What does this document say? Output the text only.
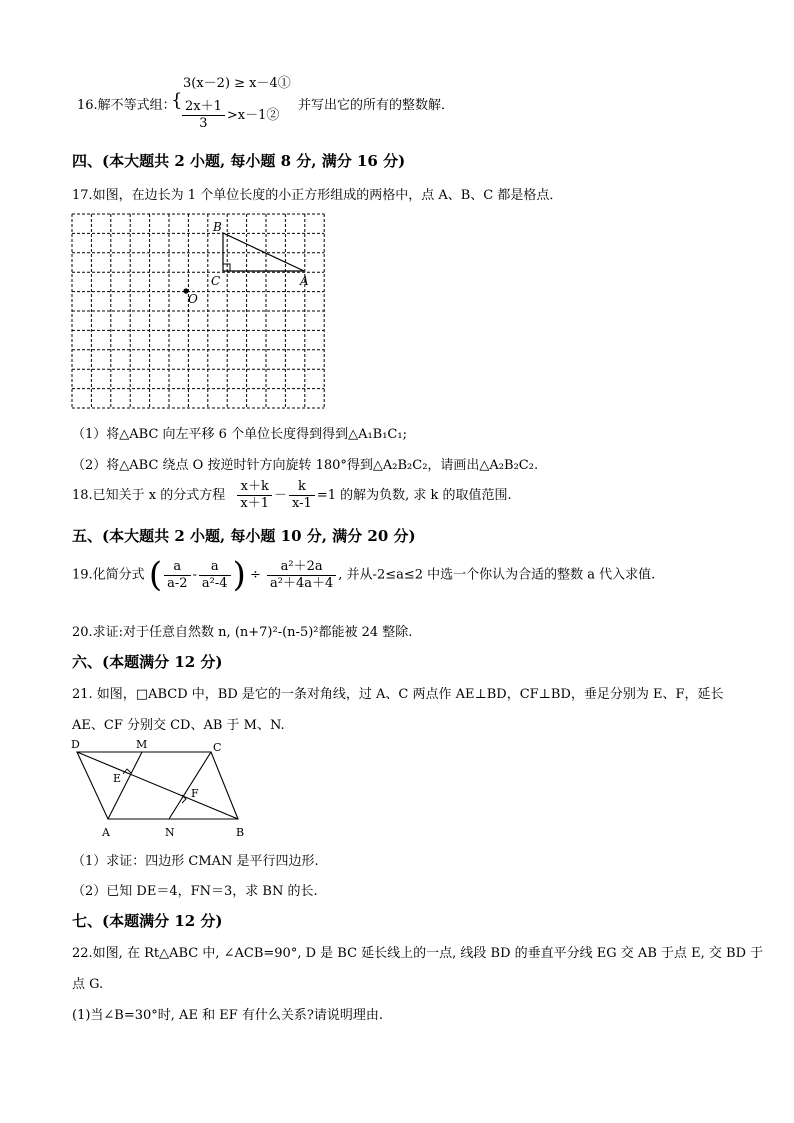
3(x－2) ≥ x－4①
16.解不等式组：
{ $\frac{2x+1}{3}$ >x－1②
并写出它的所有的整数解．
四、(本大题共 2 小题, 每小题 8 分, 满分 16 分)
17.如图，在边长为 1 个单位长度的小正方形组成的两格中，点 A、B、C 都是格点．
B
C	A
O
（1）将△ABC 向左平移 6 个单位长度得到得到△A₁B₁C₁;
（2）将△ABC 绕点 O 按逆时针方向旋转 180°得到△A₂B₂C₂，请画出△A₂B₂C₂.
18.已知关于 x 的分式方程 $\frac{x+k}{x+1} - \frac{k}{x-1} =1$ 的解为负数, 求 k 的取值范围.
五、(本大题共 2 小题, 每小题 10 分, 满分 20 分)
19.化简分式 ( $\frac{a}{a-2} - \frac{a}{\text{a²-4}}$ ) ÷ $\frac{\text{a²＋2a}}{\text{a²＋4a＋4}}$ , 并从-2≤a≤2 中选一个你认为合适的整数 a 代入求值.
20.求证:对于任意自然数 n, (n+7)²-(n-5)²都能被 24 整除.
六、(本题满分 12 分)
21. 如图，□ABCD 中，BD 是它的一条对角线，过 A、C 两点作 AE⊥BD，CF⊥BD，垂足分别为 E、F，延长
AE、CF 分别交 CD、AB 于 M、N.
D	M	C
E
F
A	N	B
（1）求证：四边形 CMAN 是平行四边形.
（2）已知 DE＝4，FN＝3，求 BN 的长.
七、(本题满分 12 分)
22.如图, 在 Rt△ABC 中, ∠ACB=90°, D 是 BC 延长线上的一点, 线段 BD 的垂直平分线 EG 交 AB 于点 E, 交 BD 于
点 G.
(1)当∠B=30°时, AE 和 EF 有什么关系?请说明理由.
